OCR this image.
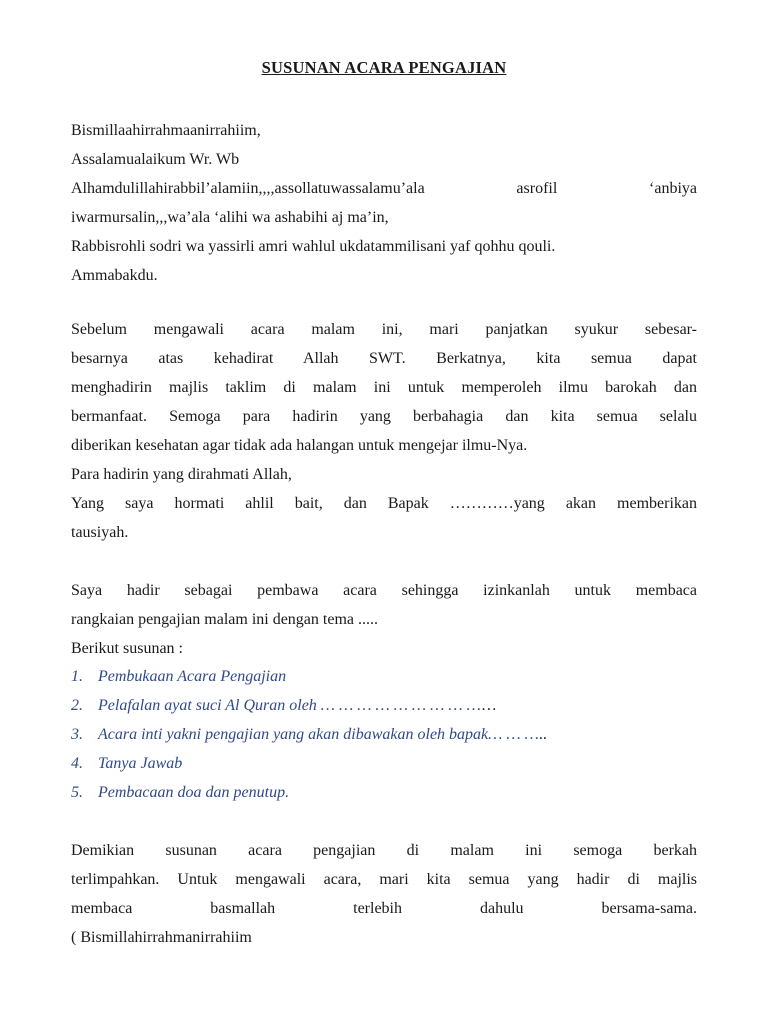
SUSUNAN ACARA PENGAJIAN
Bismillaahirrahmaanirrahiim,
Assalamualaikum Wr. Wb
Alhamdulillahirabbil’alamiin,,,,assollatuwassalamu’ala asrofil ‘anbiya
iwarmursalin,,,wa’ala ‘alihi wa ashabihi aj ma’in,
Rabbisrohli sodri wa yassirli amri wahlul ukdatammilisani yaf qohhu qouli.
Ammabakdu.
Sebelum mengawali acara malam ini, mari panjatkan syukur sebesar-
besarnya atas kehadirat Allah SWT. Berkatnya, kita semua dapat
menghadirin majlis taklim di malam ini untuk memperoleh ilmu barokah dan
bermanfaat. Semoga para hadirin yang berbahagia dan kita semua selalu
diberikan kesehatan agar tidak ada halangan untuk mengejar ilmu-Nya.
Para hadirin yang dirahmati Allah,
Yang saya hormati ahlil bait, dan Bapak …………yang akan memberikan
tausiyah.
Saya hadir sebagai pembawa acara sehingga izinkanlah untuk membaca
rangkaian pengajian malam ini dengan tema .....
Berikut susunan :
1. Pembukaan Acara Pengajian
2. Pelafalan ayat suci Al Quran oleh … … … … … … … … ……
3. Acara inti yakni pengajian yang akan dibawakan oleh bapak… … …..
4. Tanya Jawab
5. Pembacaan doa dan penutup.
Demikian susunan acara pengajian di malam ini semoga berkah
terlimpahkan. Untuk mengawali acara, mari kita semua yang hadir di majlis
membaca basmallah terlebih dahulu bersama-sama.
( Bismillahirrahmanirrahiim
